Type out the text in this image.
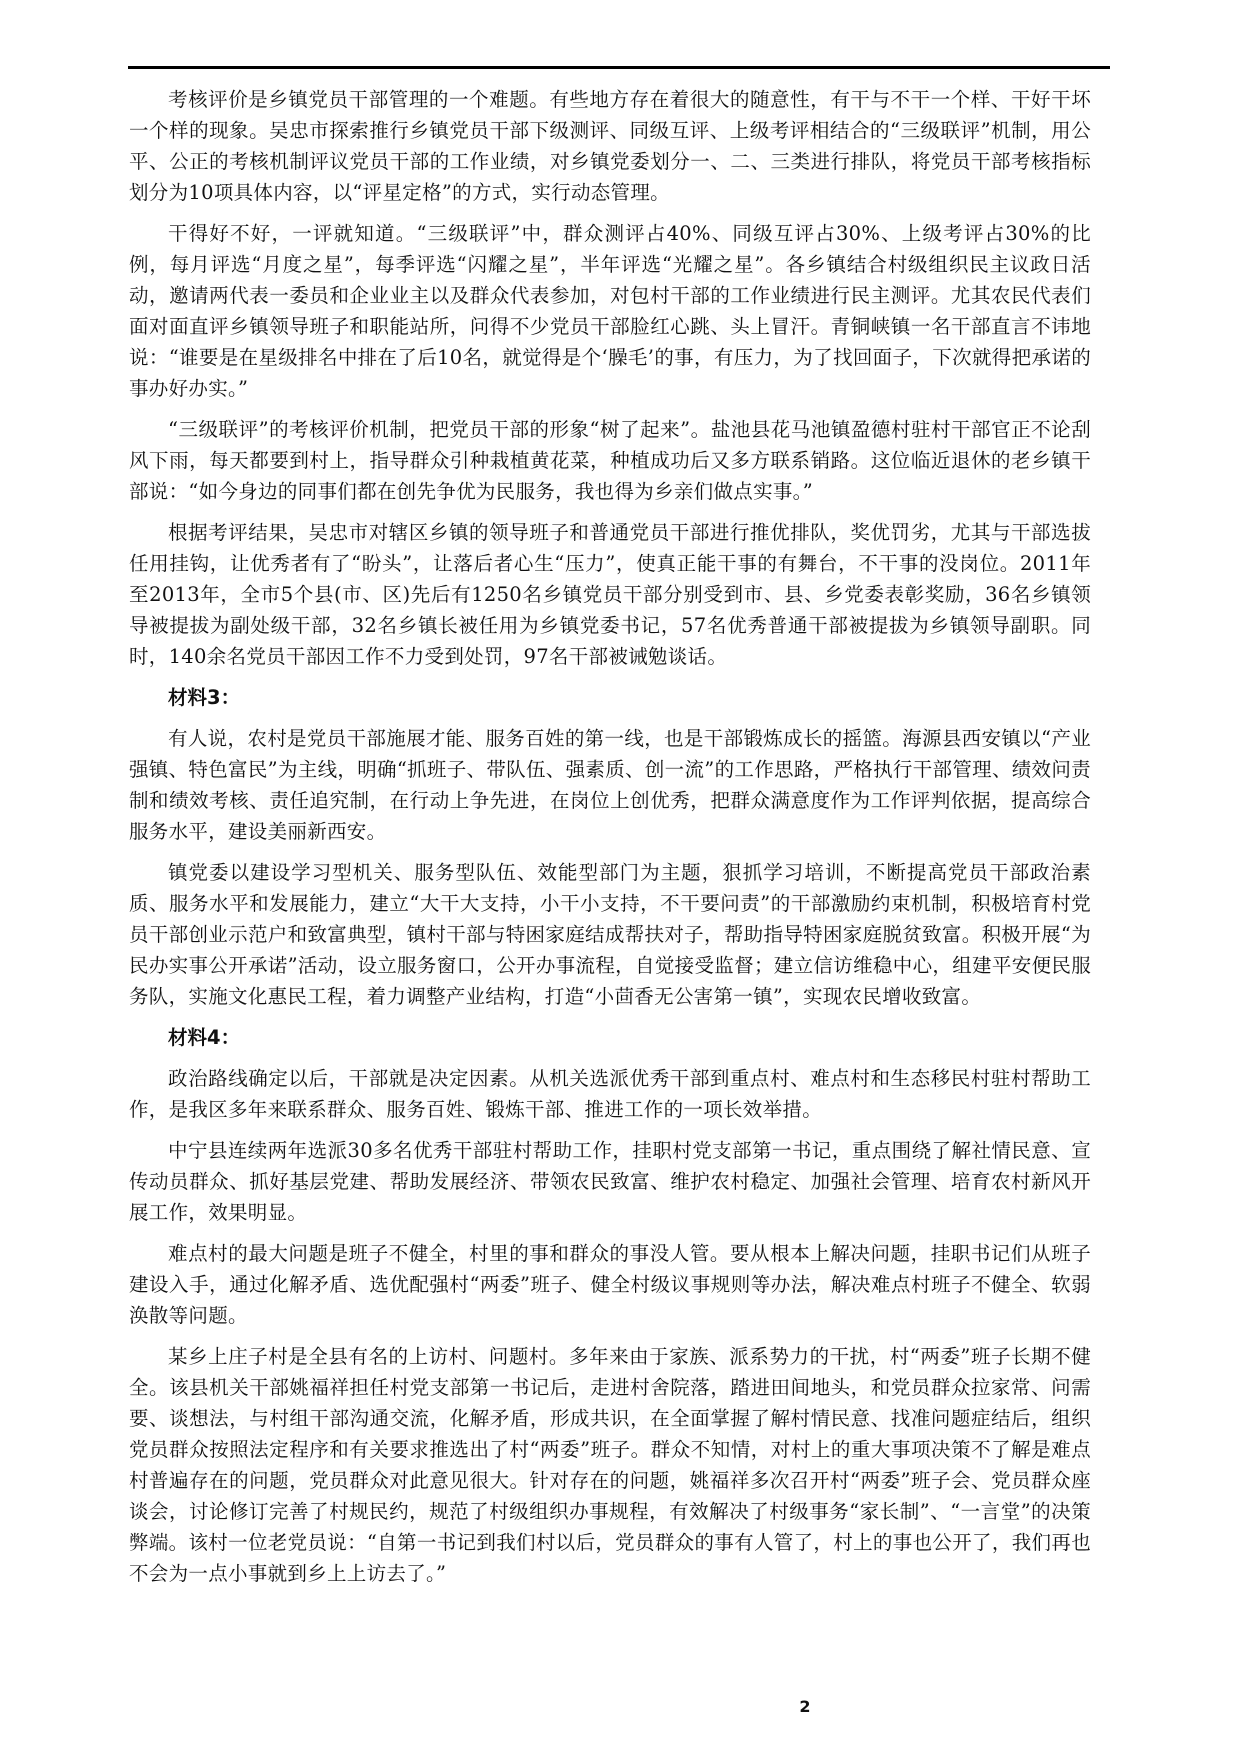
考核评价是乡镇党员干部管理的一个难题。有些地方存在着很大的随意性，有干与不干一个样、干好干坏一个样的现象。吴忠市探索推行乡镇党员干部下级测评、同级互评、上级考评相结合的“三级联评”机制，用公平、公正的考核机制评议党员干部的工作业绩，对乡镇党委划分一、二、三类进行排队，将党员干部考核指标划分为10项具体内容，以“评星定格”的方式，实行动态管理。

干得好不好，一评就知道。“三级联评”中，群众测评占40%、同级互评占30%、上级考评占30%的比例，每月评选“月度之星”，每季评选“闪耀之星”，半年评选“光耀之星”。各乡镇结合村级组织民主议政日活动，邀请两代表一委员和企业业主以及群众代表参加，对包村干部的工作业绩进行民主测评。尤其农民代表们面对面直评乡镇领导班子和职能站所，问得不少党员干部脸红心跳、头上冒汗。青铜峡镇一名干部直言不讳地说：“谁要是在星级排名中排在了后10名，就觉得是个‘臊毛’的事，有压力，为了找回面子，下次就得把承诺的事办好办实。”

“三级联评”的考核评价机制，把党员干部的形象“树了起来”。盐池县花马池镇盈德村驻村干部官正不论刮风下雨，每天都要到村上，指导群众引种栽植黄花菜，种植成功后又多方联系销路。这位临近退休的老乡镇干部说：“如今身边的同事们都在创先争优为民服务，我也得为乡亲们做点实事。”

根据考评结果，吴忠市对辖区乡镇的领导班子和普通党员干部进行推优排队，奖优罚劣，尤其与干部选拔任用挂钩，让优秀者有了“盼头”，让落后者心生“压力”，使真正能干事的有舞台，不干事的没岗位。2011年至2013年，全市5个县(市、区)先后有1250名乡镇党员干部分别受到市、县、乡党委表彰奖励，36名乡镇领导被提拔为副处级干部，32名乡镇长被任用为乡镇党委书记，57名优秀普通干部被提拔为乡镇领导副职。同时，140余名党员干部因工作不力受到处罚，97名干部被诫勉谈话。

材料3：

有人说，农村是党员干部施展才能、服务百姓的第一线，也是干部锻炼成长的摇篮。海源县西安镇以“产业强镇、特色富民”为主线，明确“抓班子、带队伍、强素质、创一流”的工作思路，严格执行干部管理、绩效问责制和绩效考核、责任追究制，在行动上争先进，在岗位上创优秀，把群众满意度作为工作评判依据，提高综合服务水平，建设美丽新西安。

镇党委以建设学习型机关、服务型队伍、效能型部门为主题，狠抓学习培训，不断提高党员干部政治素质、服务水平和发展能力，建立“大干大支持，小干小支持，不干要问责”的干部激励约束机制，积极培育村党员干部创业示范户和致富典型，镇村干部与特困家庭结成帮扶对子，帮助指导特困家庭脱贫致富。积极开展“为民办实事公开承诺”活动，设立服务窗口，公开办事流程，自觉接受监督；建立信访维稳中心，组建平安便民服务队，实施文化惠民工程，着力调整产业结构，打造“小茴香无公害第一镇”，实现农民增收致富。

材料4：

政治路线确定以后，干部就是决定因素。从机关选派优秀干部到重点村、难点村和生态移民村驻村帮助工作，是我区多年来联系群众、服务百姓、锻炼干部、推进工作的一项长效举措。

中宁县连续两年选派30多名优秀干部驻村帮助工作，挂职村党支部第一书记，重点围绕了解社情民意、宣传动员群众、抓好基层党建、帮助发展经济、带领农民致富、维护农村稳定、加强社会管理、培育农村新风开展工作，效果明显。

难点村的最大问题是班子不健全，村里的事和群众的事没人管。要从根本上解决问题，挂职书记们从班子建设入手，通过化解矛盾、选优配强村“两委”班子、健全村级议事规则等办法，解决难点村班子不健全、软弱涣散等问题。

某乡上庄子村是全县有名的上访村、问题村。多年来由于家族、派系势力的干扰，村“两委”班子长期不健全。该县机关干部姚福祥担任村党支部第一书记后，走进村舍院落，踏进田间地头，和党员群众拉家常、问需要、谈想法，与村组干部沟通交流，化解矛盾，形成共识，在全面掌握了解村情民意、找准问题症结后，组织党员群众按照法定程序和有关要求推选出了村“两委”班子。群众不知情，对村上的重大事项决策不了解是难点村普遍存在的问题，党员群众对此意见很大。针对存在的问题，姚福祥多次召开村“两委”班子会、党员群众座谈会，讨论修订完善了村规民约，规范了村级组织办事规程，有效解决了村级事务“家长制”、“一言堂”的决策弊端。该村一位老党员说：“自第一书记到我们村以后，党员群众的事有人管了，村上的事也公开了，我们再也不会为一点小事就到乡上上访去了。”

2
